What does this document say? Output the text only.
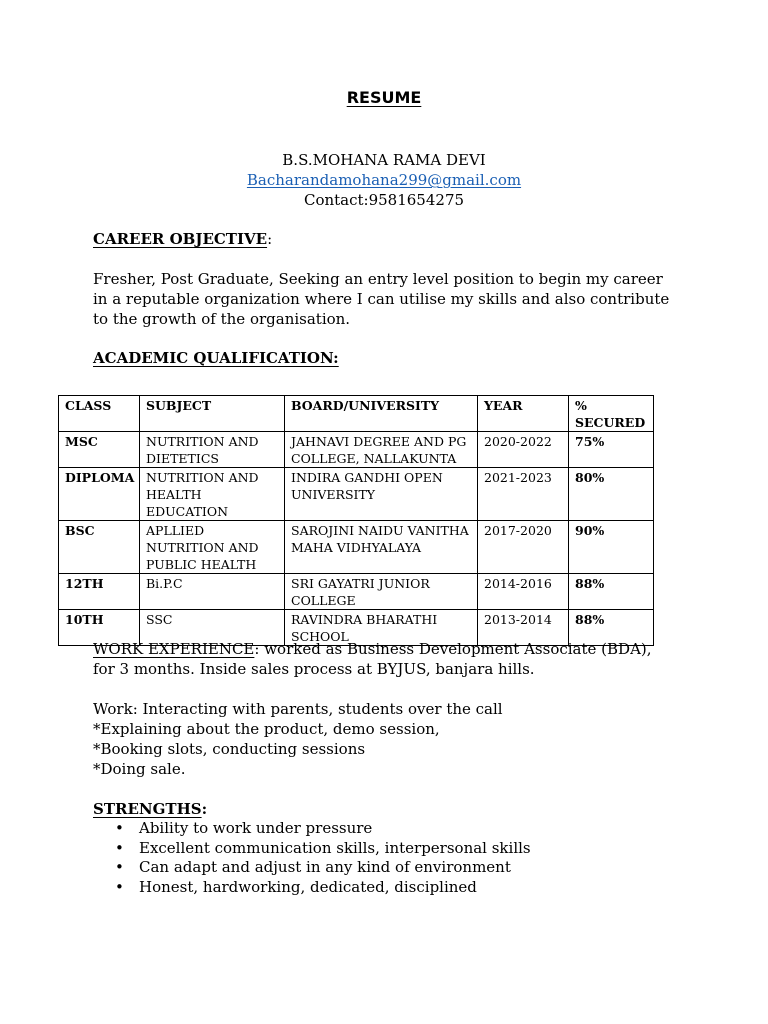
RESUME
B.S.MOHANA RAMA DEVI
Bacharandamohana299@gmail.com
Contact:9581654275
CAREER OBJECTIVE:
Fresher, Post Graduate, Seeking an entry level position to begin my career
in a reputable organization where I can utilise my skills and also contribute
to the growth of the organisation.
ACADEMIC QUALIFICATION:
CLASS	SUBJECT	BOARD/UNIVERSITY	YEAR	% SECURED
MSC	NUTRITION AND DIETETICS	JAHNAVI DEGREE AND PG COLLEGE, NALLAKUNTA	2020-2022	75%
DIPLOMA	NUTRITION AND HEALTH EDUCATION	INDIRA GANDHI OPEN UNIVERSITY	2021-2023	80%
BSC	APLLIED NUTRITION AND PUBLIC HEALTH	SAROJINI NAIDU VANITHA MAHA VIDHYALAYA	2017-2020	90%
12TH	Bi.P.C	SRI GAYATRI JUNIOR COLLEGE	2014-2016	88%
10TH	SSC	RAVINDRA BHARATHI SCHOOL	2013-2014	88%
WORK EXPERIENCE: worked as Business Development Associate (BDA),
for 3 months. Inside sales process at BYJUS, banjara hills.
Work: Interacting with parents, students over the call
*Explaining about the product, demo session,
*Booking slots, conducting sessions
*Doing sale.
STRENGTHS:
• Ability to work under pressure
• Excellent communication skills, interpersonal skills
• Can adapt and adjust in any kind of environment
• Honest, hardworking, dedicated, disciplined
